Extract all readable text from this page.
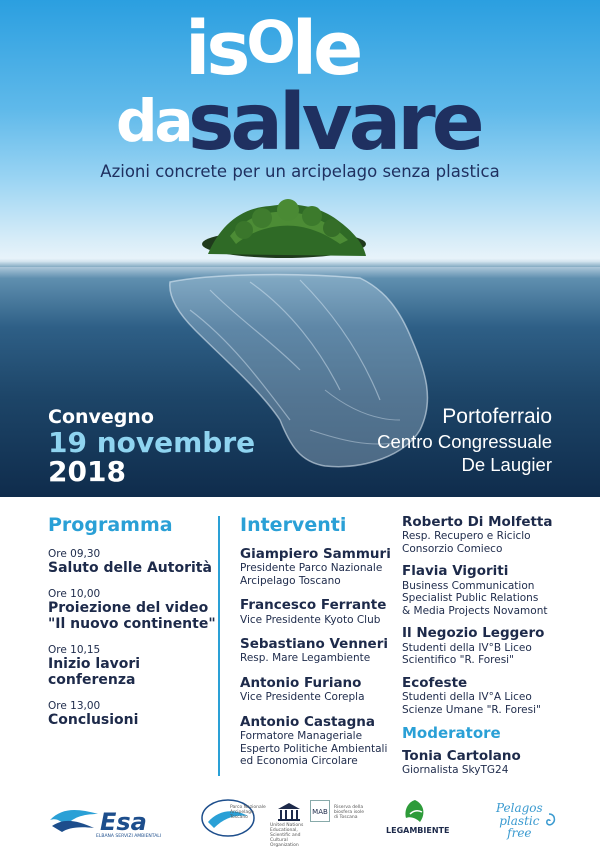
isOle
da
salvare
Azioni concrete per un arcipelago senza plastica
Convegno
19 novembre
2018
Portoferraio
Centro Congressuale
De Laugier
Programma
Ore 09,30
Saluto delle Autorità
Ore 10,00
Proiezione del video "Il nuovo continente"
Ore 10,15
Inizio lavori conferenza
Ore 13,00
Conclusioni
Interventi
Giampiero Sammuri
Presidente Parco Nazionale
Arcipelago Toscano
Francesco Ferrante
Vice Presidente Kyoto Club
Sebastiano Venneri
Resp. Mare Legambiente
Antonio Furiano
Vice Presidente Corepla
Antonio Castagna
Formatore Manageriale
Esperto Politiche Ambientali
ed Economia Circolare
Roberto Di Molfetta
Resp. Recupero e Riciclo
Consorzio Comieco
Flavia Vigoriti
Business Communication
Specialist Public Relations
& Media Projects Novamont
Il Negozio Leggero
Studenti della IV°B Liceo
Scientifico "R. Foresi"
Ecofeste
Studenti della IV°A Liceo
Scienze Umane "R. Foresi"
Moderatore
Tonia Cartolano
Giornalista SkyTG24
Esa
ELBANA SERVIZI AMBIENTALI
Parco Nazionale Arcipelago Toscano
United Nations Educational, Scientific and Cultural Organization
MAB
Riserva della biosfera isole di Toscana
LEGAMBIENTE
Pelagos
plastic
free
